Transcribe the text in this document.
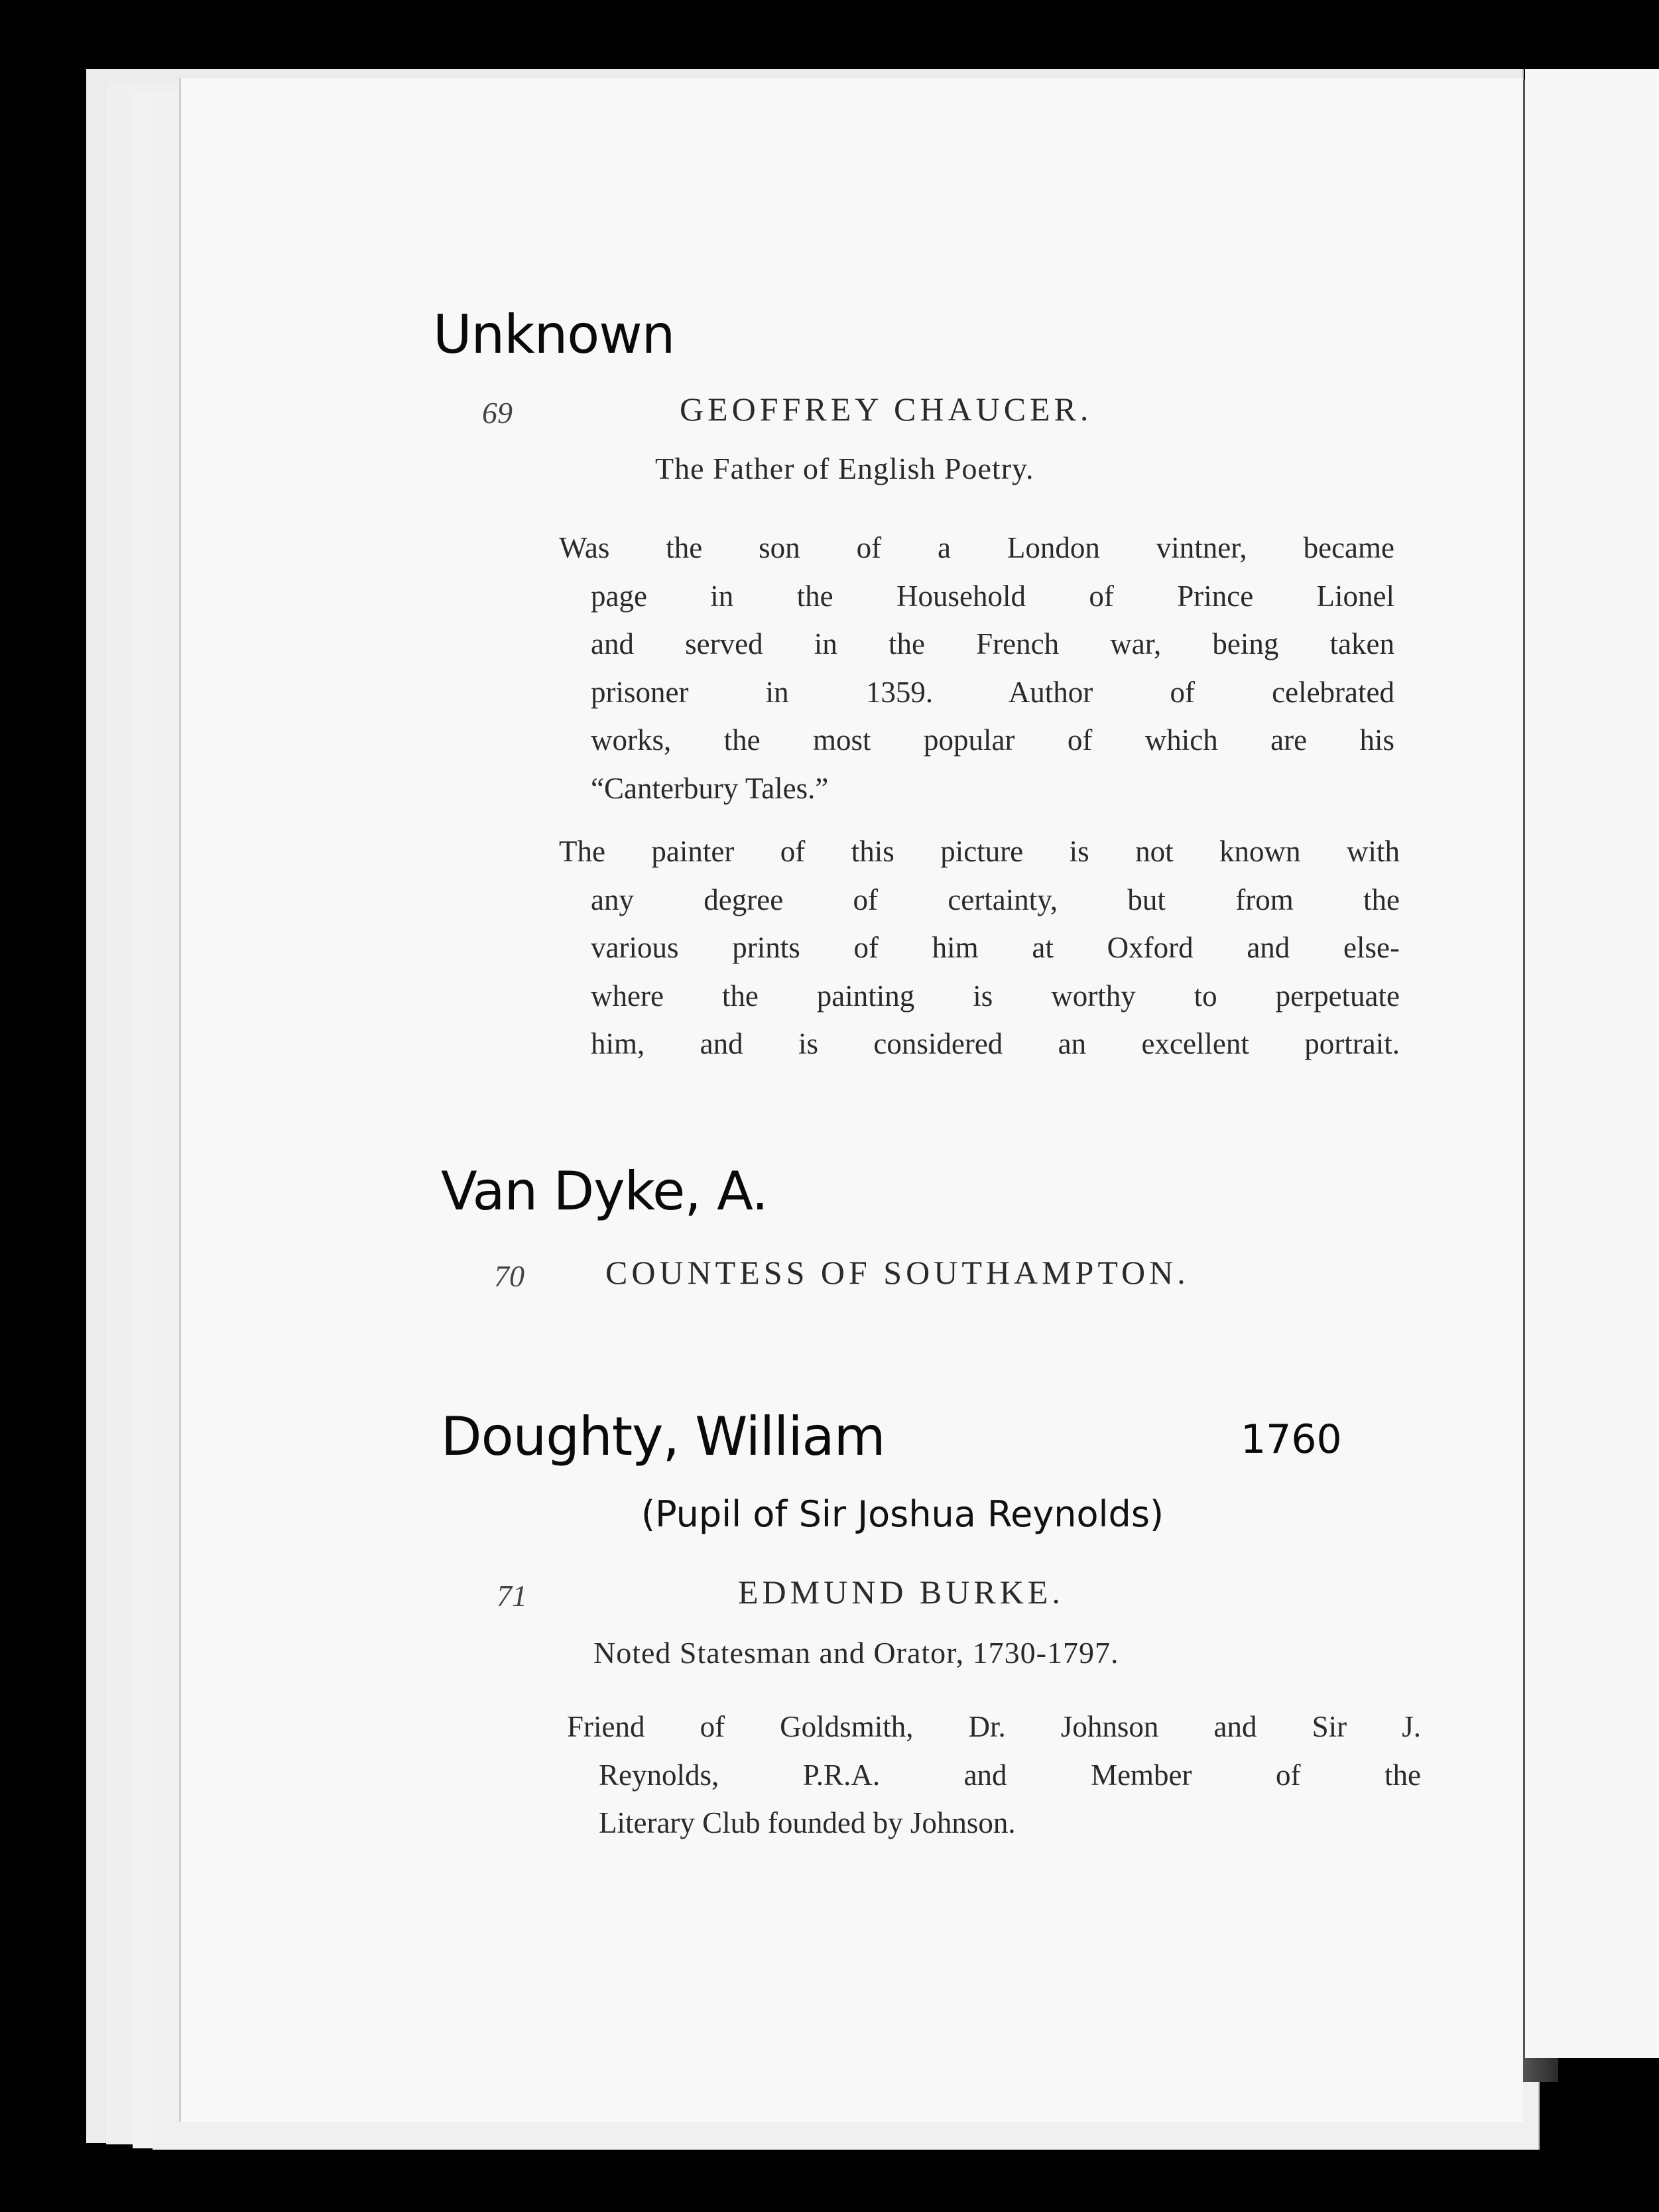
Unknown
69	GEOFFREY CHAUCER.
The Father of English Poetry.
Was the son of a London vintner, became
page in the Household of Prince Lionel
and served in the French war, being taken
prisoner in 1359. Author of celebrated
works, the most popular of which are his
“Canterbury Tales.”
The painter of this picture is not known with
any degree of certainty, but from the
various prints of him at Oxford and else-
where the painting is worthy to perpetuate
him, and is considered an excellent portrait.
Van Dyke, A.
70 COUNTESS OF SOUTHAMPTON.
Doughty, William	1760
(Pupil of Sir Joshua Reynolds)
71	EDMUND BURKE.
Noted Statesman and Orator, 1730-1797.
Friend of Goldsmith, Dr. Johnson and Sir J.
Reynolds, P.R.A. and Member of the
Literary Club founded by Johnson.
